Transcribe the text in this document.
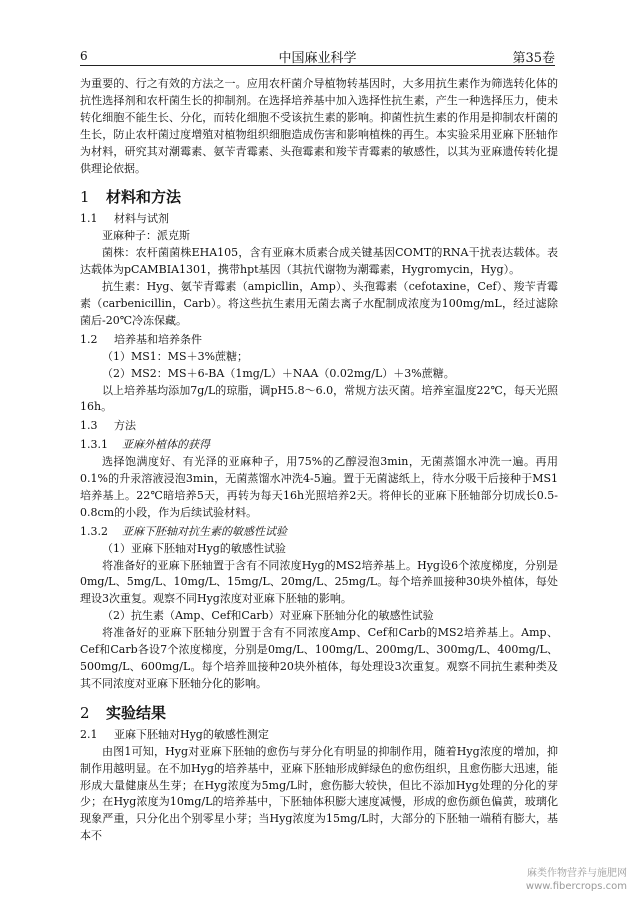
6	中国麻业科学	第35卷

为重要的、行之有效的方法之一。应用农杆菌介导植物转基因时，大多用抗生素作为筛选转化体的抗性选择剂和农杆菌生长的抑制剂。在选择培养基中加入选择性抗生素，产生一种选择压力，使未转化细胞不能生长、分化，而转化细胞不受该抗生素的影响。抑菌性抗生素的作用是抑制农杆菌的生长，防止农杆菌过度增殖对植物组织细胞造成伤害和影响植株的再生。本实验采用亚麻下胚轴作为材料，研究其对潮霉素、氨苄青霉素、头孢霉素和羧苄青霉素的敏感性，以其为亚麻遗传转化提供理论依据。

1 材料和方法
1.1 材料与试剂

亚麻种子：派克斯

菌株：农杆菌菌株EHA105，含有亚麻木质素合成关键基因COMT的RNA干扰表达载体。表达载体为pCAMBIA1301，携带hpt基因（其抗代谢物为潮霉素，Hygromycin，Hyg）。

抗生素：Hyg、氨苄青霉素（ampicllin，Amp）、头孢霉素（cefotaxine，Cef）、羧苄青霉素（carbenicillin，Carb）。将这些抗生素用无菌去离子水配制成浓度为100mg/mL，经过滤除菌后-20℃冷冻保藏。

1.2 培养基和培养条件

（1）MS1：MS＋3%蔗糖；

（2）MS2：MS＋6-BA（1mg/L）＋NAA（0.02mg/L）＋3%蔗糖。

以上培养基均添加7g/L的琼脂，调pH5.8～6.0，常规方法灭菌。培养室温度22℃，每天光照16h。

1.3 方法
1.3.1 亚麻外植体的获得

选择饱满度好、有光泽的亚麻种子，用75%的乙醇浸泡3min，无菌蒸馏水冲洗一遍。再用0.1%的升汞溶液浸泡3min，无菌蒸馏水冲洗4-5遍。置于无菌滤纸上，待水分吸干后接种于MS1培养基上。22℃暗培养5天，再转为每天16h光照培养2天。将伸长的亚麻下胚轴部分切成长0.5-0.8cm的小段，作为后续试验材料。

1.3.2 亚麻下胚轴对抗生素的敏感性试验

（1）亚麻下胚轴对Hyg的敏感性试验

将准备好的亚麻下胚轴置于含有不同浓度Hyg的MS2培养基上。Hyg设6个浓度梯度，分别是0mg/L、5mg/L、10mg/L、15mg/L、20mg/L、25mg/L。每个培养皿接种30块外植体，每处理设3次重复。观察不同Hyg浓度对亚麻下胚轴的影响。

（2）抗生素（Amp、Cef和Carb）对亚麻下胚轴分化的敏感性试验

将准备好的亚麻下胚轴分别置于含有不同浓度Amp、Cef和Carb的MS2培养基上。Amp、Cef和Carb各设7个浓度梯度，分别是0mg/L、100mg/L、200mg/L、300mg/L、400mg/L、500mg/L、600mg/L。每个培养皿接种20块外植体，每处理设3次重复。观察不同抗生素种类及其不同浓度对亚麻下胚轴分化的影响。

2 实验结果
2.1 亚麻下胚轴对Hyg的敏感性测定

由图1可知，Hyg对亚麻下胚轴的愈伤与芽分化有明显的抑制作用，随着Hyg浓度的增加，抑制作用越明显。在不加Hyg的培养基中，亚麻下胚轴形成鲜绿色的愈伤组织，且愈伤膨大迅速，能形成大量健康丛生芽；在Hyg浓度为5mg/L时，愈伤膨大较快，但比不添加Hyg处理的分化的芽少；在Hyg浓度为10mg/L的培养基中，下胚轴体积膨大速度减慢，形成的愈伤颜色偏黄，玻璃化现象严重，只分化出个别零星小芽；当Hyg浓度为15mg/L时，大部分的下胚轴一端稍有膨大，基本不

麻类作物营养与施肥网
www.fibercrops.com
